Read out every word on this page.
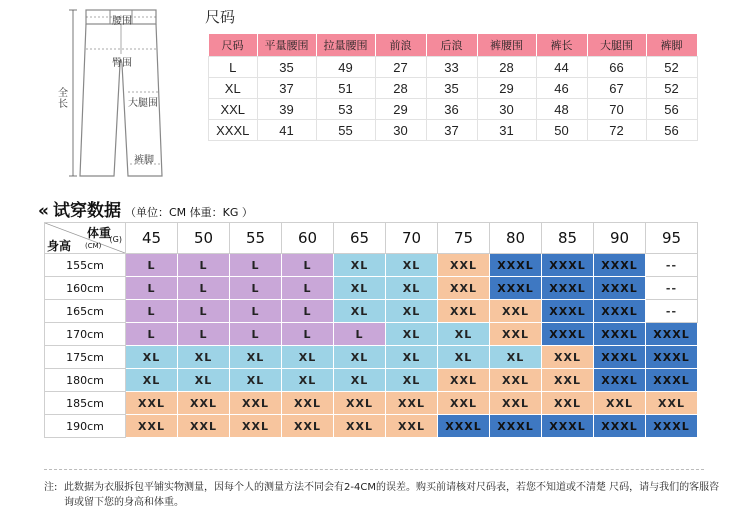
腰围
臀围
大腿围
全长
裤脚
尺码
尺码	平量腰围	拉量腰围	前浪	后浪	裤腰围	裤长	大腿围	裤脚
L	35	49	27	33	28	44	66	52
XL	37	51	28	35	29	46	67	52
XXL	39	53	29	36	30	48	70	56
XXXL	41	55	30	37	31	50	72	56
« 试穿数据 （单位：CM 体重：KG ）
体重
(G)
身高 (CM)	45	50	55	60	65	70	75	80	85	90	95
155cm	L	L	L	L	XL	XL	XXL	XXXL	XXXL	XXXL	--
160cm	L	L	L	L	XL	XL	XXL	XXXL	XXXL	XXXL	--
165cm	L	L	L	L	XL	XL	XXL	XXL	XXXL	XXXL	--
170cm	L	L	L	L	L	XL	XL	XXL	XXXL	XXXL	XXXL
175cm	XL	XL	XL	XL	XL	XL	XL	XL	XXL	XXXL	XXXL
180cm	XL	XL	XL	XL	XL	XL	XXL	XXL	XXL	XXXL	XXXL
185cm	XXL	XXL	XXL	XXL	XXL	XXL	XXL	XXL	XXL	XXL	XXL
190cm	XXL	XXL	XXL	XXL	XXL	XXL	XXXL	XXXL	XXXL	XXXL	XXXL
注: 此数据为衣服拆包平铺实物测量，因每个人的测量方法不同会有2-4CM的误差。购买前请核对尺码表，若您不知道或不清楚 尺码，请与我们的客服咨询或留下您的身高和体重。
